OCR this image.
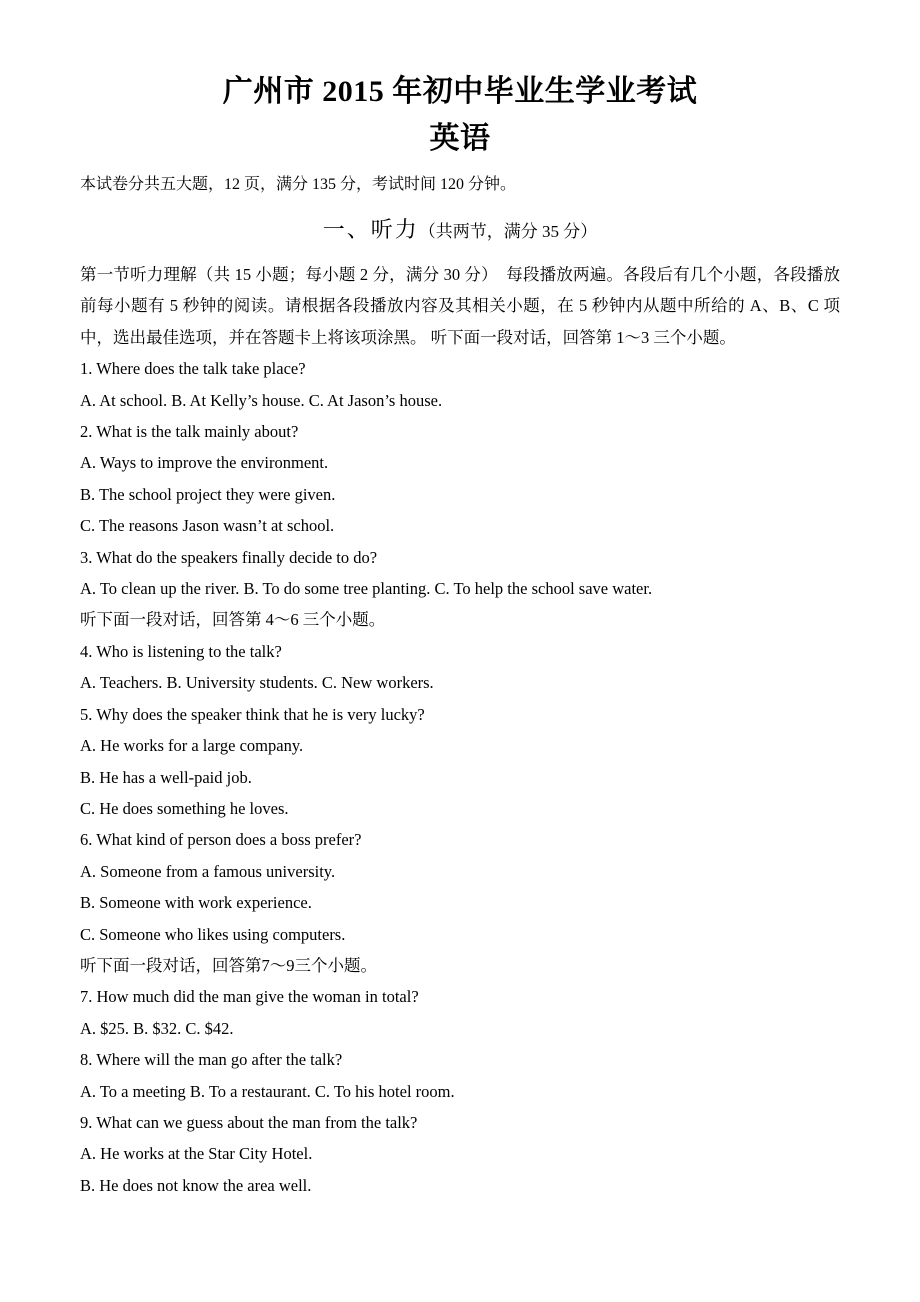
广州市 2015 年初中毕业生学业考试
英语

本试卷分共五大题，12 页，满分 135 分，考试时间 120 分钟。

一、听力（共两节，满分 35 分）

第一节听力理解（共 15 小题；每小题 2 分，满分 30 分）　每段播放两遍。各段后有几个小题，各段播放前每小题有 5 秒钟的阅读。请根据各段播放内容及其相关小题，在 5 秒钟内从题中所给的 A、B、C 项中，选出最佳选项，并在答题卡上将该项涂黑。 听下面一段对话，回答第 1～3 三个小题。

1. Where does the talk take place?
A. At school. B. At Kelly’s house. C. At Jason’s house.
2. What is the talk mainly about?
A. Ways to improve the environment.
B. The school project they were given.
C. The reasons Jason wasn’t at school.
3. What do the speakers finally decide to do?
A. To clean up the river. B. To do some tree planting. C. To help the school save water.
听下面一段对话，回答第 4～6 三个小题。
4. Who is listening to the talk?
A. Teachers. B. University students. C. New workers.
5. Why does the speaker think that he is very lucky?
A. He works for a large company.
B. He has a well-paid job.
C. He does something he loves.
6. What kind of person does a boss prefer?
A. Someone from a famous university.
B. Someone with work experience.
C. Someone who likes using computers.
听下面一段对话，回答第7～9三个小题。
7. How much did the man give the woman in total?
A. $25. B. $32. C. $42.
8. Where will the man go after the talk?
A. To a meeting B. To a restaurant. C. To his hotel room.
9. What can we guess about the man from the talk?
A. He works at the Star City Hotel.
B. He does not know the area well.
